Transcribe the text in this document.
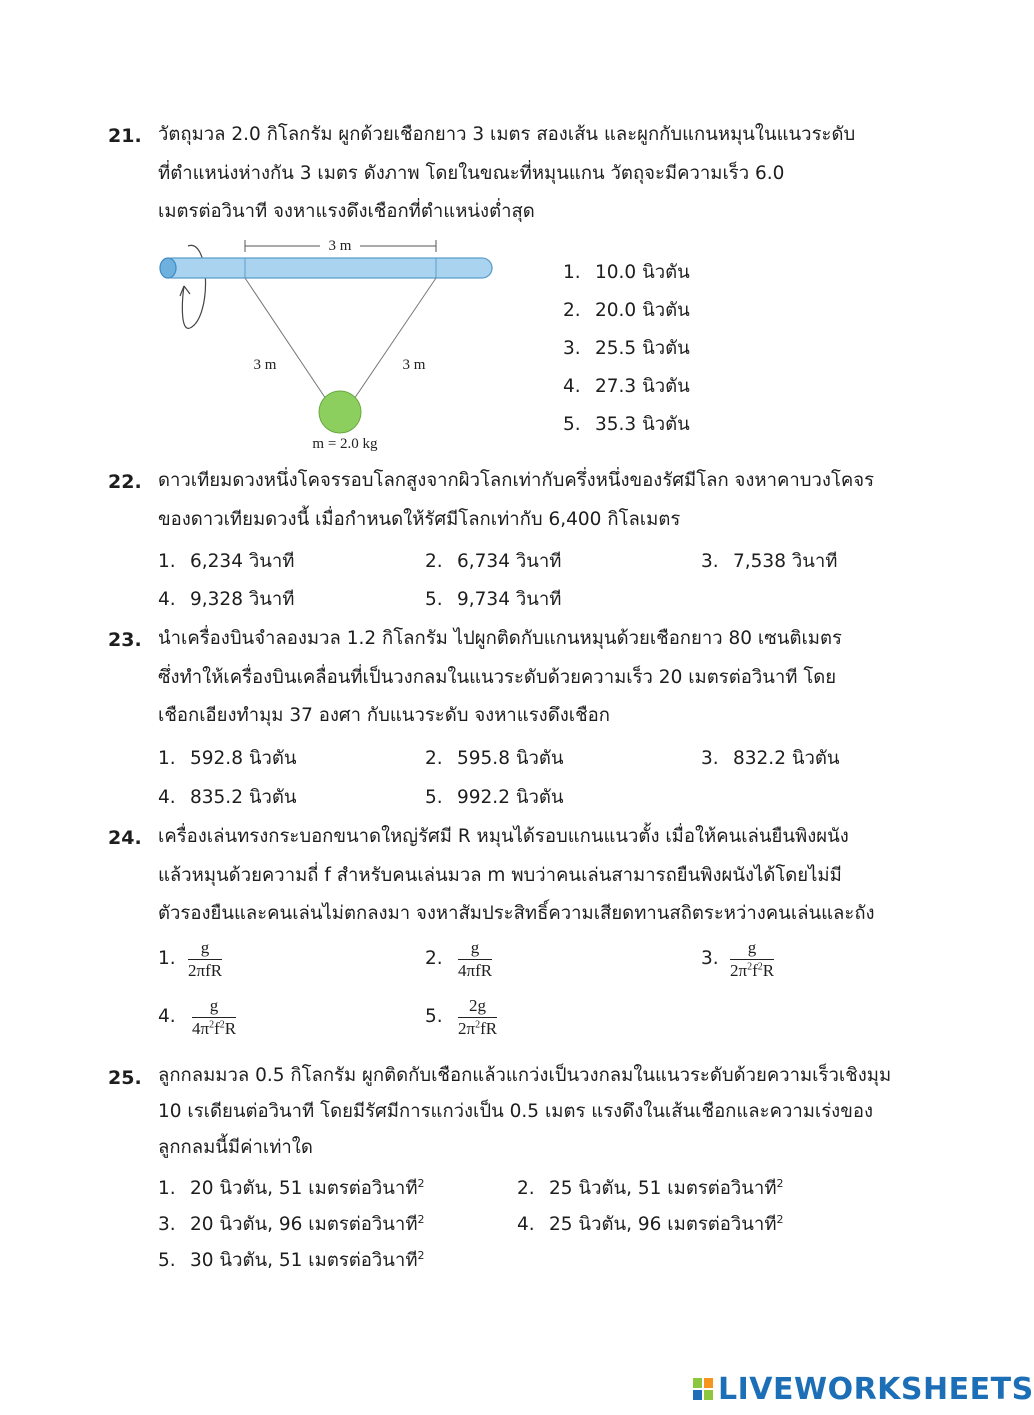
21. วัตถุมวล 2.0 กิโลกรัม ผูกด้วยเชือกยาว 3 เมตร สองเส้น และผูกกับแกนหมุนในแนวระดับ
ที่ตำแหน่งห่างกัน 3 เมตร ดังภาพ โดยในขณะที่หมุนแกน วัตถุจะมีความเร็ว 6.0
เมตรต่อวินาที จงหาแรงดึงเชือกที่ตำแหน่งต่ำสุด
3 m
3 m	3 m
m = 2.0 kg
1. 10.0 นิวตัน
2. 20.0 นิวตัน
3. 25.5 นิวตัน
4. 27.3 นิวตัน
5. 35.3 นิวตัน
22. ดาวเทียมดวงหนึ่งโคจรรอบโลกสูงจากผิวโลกเท่ากับครึ่งหนึ่งของรัศมีโลก จงหาคาบวงโคจร
ของดาวเทียมดวงนี้ เมื่อกำหนดให้รัศมีโลกเท่ากับ 6,400 กิโลเมตร
1. 6,234 วินาที	2. 6,734 วินาที	3. 7,538 วินาที
4. 9,328 วินาที	5. 9,734 วินาที
23. นำเครื่องบินจำลองมวล 1.2 กิโลกรัม ไปผูกติดกับแกนหมุนด้วยเชือกยาว 80 เซนติเมตร
ซึ่งทำให้เครื่องบินเคลื่อนที่เป็นวงกลมในแนวระดับด้วยความเร็ว 20 เมตรต่อวินาที โดย
เชือกเอียงทำมุม 37 องศา กับแนวระดับ จงหาแรงดึงเชือก
1. 592.8 นิวตัน	2. 595.8 นิวตัน	3. 832.2 นิวตัน
4. 835.2 นิวตัน	5. 992.2 นิวตัน
24. เครื่องเล่นทรงกระบอกขนาดใหญ่รัศมี R หมุนได้รอบแกนแนวตั้ง เมื่อให้คนเล่นยืนพิงผนัง
แล้วหมุนด้วยความถี่ f สำหรับคนเล่นมวล m พบว่าคนเล่นสามารถยืนพิงผนังได้โดยไม่มี
ตัวรองยืนและคนเล่นไม่ตกลงมา จงหาสัมประสิทธิ์ความเสียดทานสถิตระหว่างคนเล่นและถัง
1.
g
2πfR
2.
g
4πfR
3. $\frac{g}{2\pi^2f^2R}$
4. $\frac{g}{4\pi^2f^2R}$	5. $\frac{2g}{2\pi^2fR}$
25. ลูกกลมมวล 0.5 กิโลกรัม ผูกติดกับเชือกแล้วแกว่งเป็นวงกลมในแนวระดับด้วยความเร็วเชิงมุม
10 เรเดียนต่อวินาที โดยมีรัศมีการแกว่งเป็น 0.5 เมตร แรงดึงในเส้นเชือกและความเร่งของ
ลูกกลมนี้มีค่าเท่าใด
1. 20 นิวตัน, 51 เมตรต่อวินาที$^2$	2. 25 นิวตัน, 51 เมตรต่อวินาที$^2$
3. 20 นิวตัน, 96 เมตรต่อวินาที$^2$	4. 25 นิวตัน, 96 เมตรต่อวินาที$^2$
5. 30 นิวตัน, 51 เมตรต่อวินาที$^2$
LIVEWORKSHEETS
